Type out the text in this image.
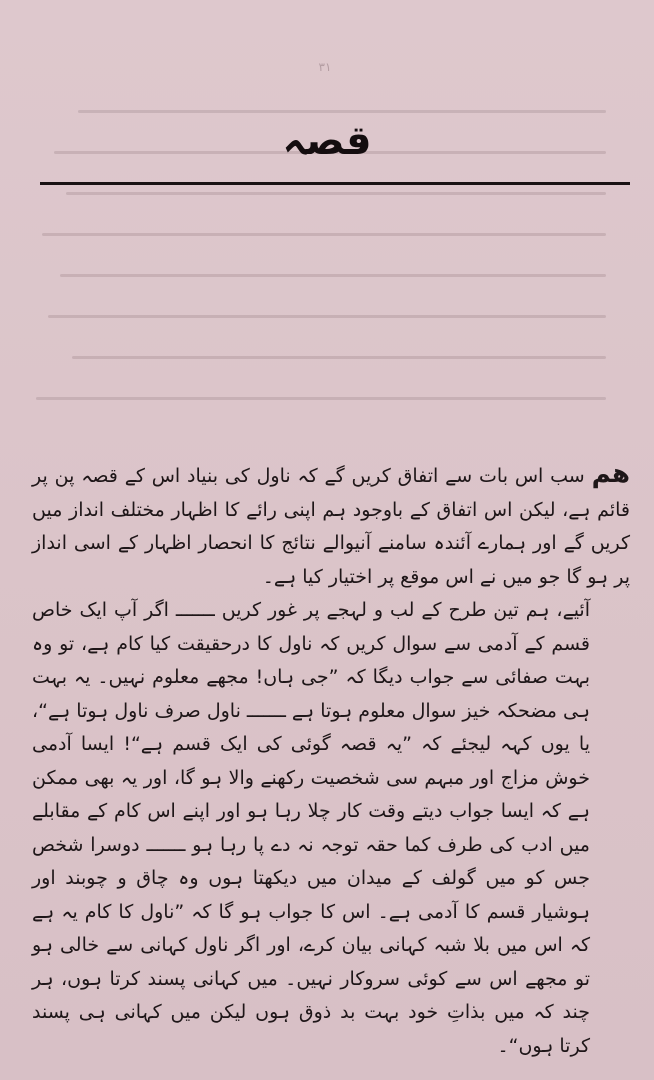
٣١
قصہ

ھم سب اس بات سے اتفاق کریں گے کہ ناول کی بنیاد اس کے قصہ پن پر قائم ہے، لیکن اس اتفاق کے باوجود ہم اپنی رائے کا اظہار مختلف انداز میں کریں گے اور ہمارے آئندہ سامنے آنیوالے نتائج کا انحصار اظہار کے اسی انداز پر ہو گا جو میں نے اس موقع پر اختیار کیا ہے۔

آئیے، ہم تین طرح کے لب و لہجے پر غور کریں ـــــــ اگر آپ ایک خاص قسم کے آدمی سے سوال کریں کہ ناول کا درحقیقت کیا کام ہے، تو وہ بہت صفائی سے جواب دیگا کہ ”جی ہاں! مجھے معلوم نہیں۔ یہ بہت ہی مضحکہ خیز سوال معلوم ہوتا ہے ـــــــ ناول صرف ناول ہوتا ہے“، یا یوں کہہ لیجئے کہ ”یہ قصہ گوئی کی ایک قسم ہے“! ایسا آدمی خوش مزاج اور مبہم سی شخصیت رکھنے والا ہو گا، اور یہ بھی ممکن ہے کہ ایسا جواب دیتے وقت کار چلا رہا ہو اور اپنے اس کام کے مقابلے میں ادب کی طرف کما حقہ توجہ نہ دے پا رہا ہو ـــــــ دوسرا شخص جس کو میں گولف کے میدان میں دیکھتا ہوں وہ چاق و چوبند اور ہوشیار قسم کا آدمی ہے۔ اس کا جواب ہو گا کہ ”ناول کا کام یہ ہے کہ اس میں بلا شبہ کہانی بیان کرے، اور اگر ناول کہانی سے خالی ہو تو مجھے اس سے کوئی سروکار نہیں۔ میں کہانی پسند کرتا ہوں، ہر چند کہ میں بذاتِ خود بہت بد ذوق ہوں لیکن میں کہانی ہی پسند کرتا ہوں“۔
